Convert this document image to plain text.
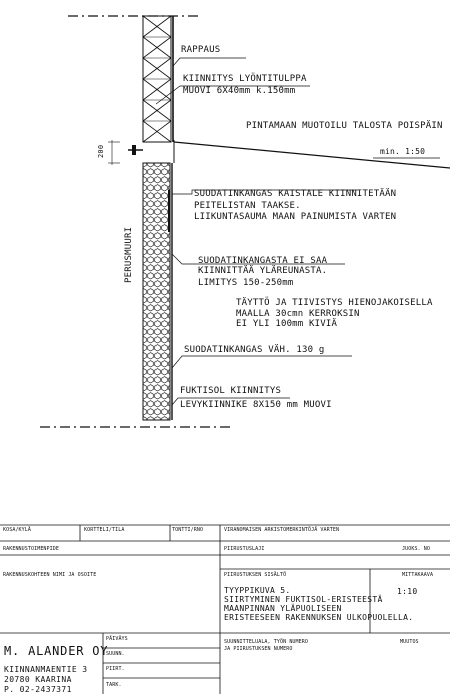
RAPPAUS
KIINNITYS LYÖNTITULPPA
MUOVI 6X40mm k.150mm
PINTAMAAN MUOTOILU TALOSTA POISPÄIN
min. 1:50
200
SUODATINKANGAS KAISTALE KIINNITETÄÄN
PEITELISTAN TAAKSE.
LIIKUNTASAUMA MAAN PAINUMISTA VARTEN
PERUSMUURI	SUODATINKANGASTA EI SAA
KIINNITTÄÄ YLÄREUNASTA.
LIMITYS 150-250mm
TÄYTTÖ JA TIIVISTYS HIENOJAKOISELLA
MAALLA 30cmn KERROKSIN
EI YLI 100mm KIVIÄ
SUODATINKANGAS VÄH. 130 g
FUKTISOL KIINNITYS
LEVYKIINNIKE 8X150 mm MUOVI
KOSA/KYLÄ	KORTTELI/TILA	TONTTI/RNO	VIRANOMAISEN ARKISTOMERKINTÖJÄ VARTEN
RAKENNUSTOIMENPIDE	PIIRUSTUSLAJI	JUOKS. NO
RAKENNUSKOHTEEN NIMI JA OSOITE	PIIRUSTUKSEN SISÄLTÖ	MITTAKAAVA
1:10
TYYPPIKUVA 5.
SIIRTYMINEN FUKTISOL-ERISTEESTÄ
MAANPINNAN YLÄPUOLISEEN
ERISTEESEEN RAKENNUKSEN ULKOPUOLELLA.
PÄIVÄYS
SUUNN.
PIIRT.
TARK.
SUUNNITTELUALA, TYÖN NUMERO
JA PIIRUSTUKSEN NUMERO
MUUTOS
M. ALANDER OY
KIINNANMAENTIE 3
20780 KAARINA
P. 02-2437371
